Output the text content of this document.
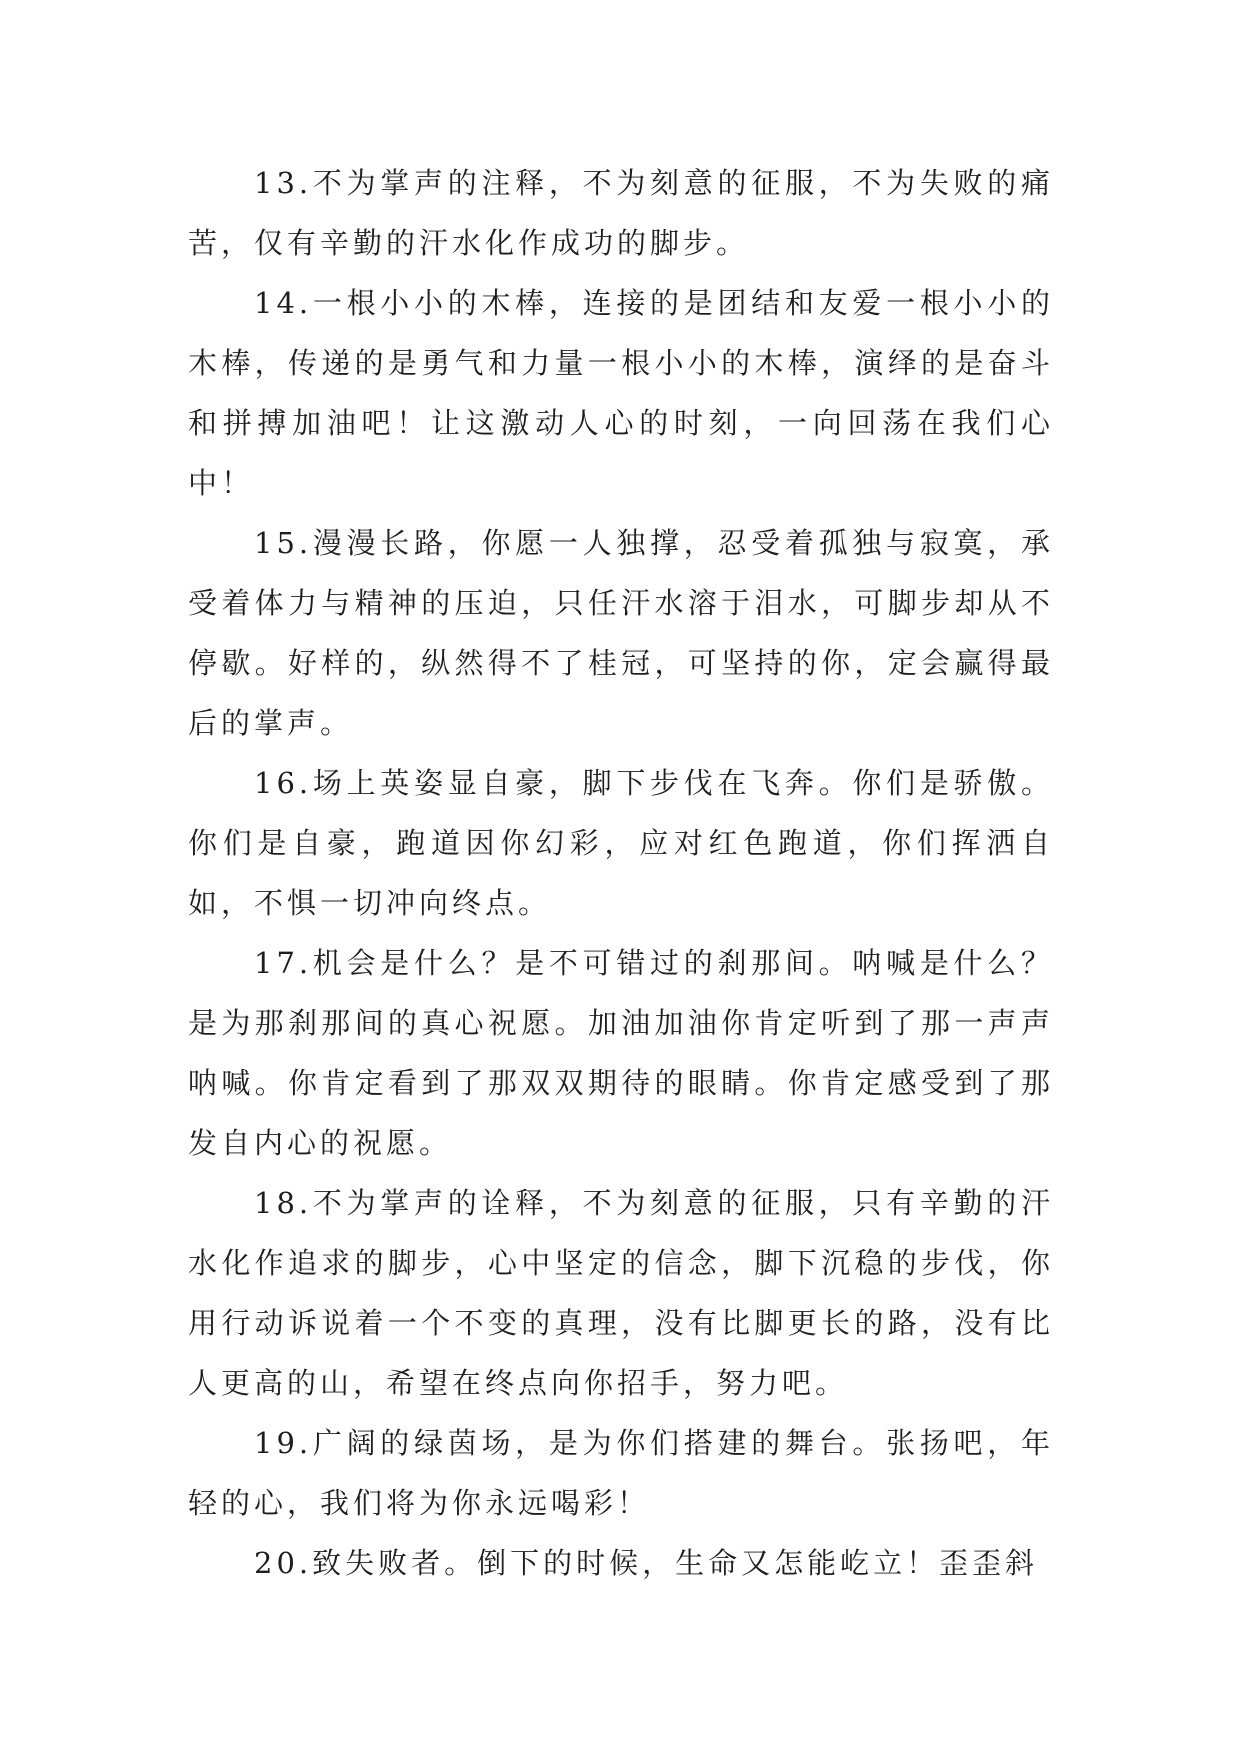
13.不为掌声的注释，不为刻意的征服，不为失败的痛苦，仅有辛勤的汗水化作成功的脚步。

14.一根小小的木棒，连接的是团结和友爱一根小小的木棒，传递的是勇气和力量一根小小的木棒，演绎的是奋斗和拼搏加油吧！让这激动人心的时刻，一向回荡在我们心中！

15.漫漫长路，你愿一人独撑，忍受着孤独与寂寞，承受着体力与精神的压迫，只任汗水溶于泪水，可脚步却从不停歇。好样的，纵然得不了桂冠，可坚持的你，定会赢得最后的掌声。

16.场上英姿显自豪，脚下步伐在飞奔。你们是骄傲。你们是自豪，跑道因你幻彩，应对红色跑道，你们挥洒自如，不惧一切冲向终点。

17.机会是什么？是不可错过的刹那间。呐喊是什么？是为那刹那间的真心祝愿。加油加油你肯定听到了那一声声呐喊。你肯定看到了那双双期待的眼睛。你肯定感受到了那发自内心的祝愿。

18.不为掌声的诠释，不为刻意的征服，只有辛勤的汗水化作追求的脚步，心中坚定的信念，脚下沉稳的步伐，你用行动诉说着一个不变的真理，没有比脚更长的路，没有比人更高的山，希望在终点向你招手，努力吧。

19.广阔的绿茵场，是为你们搭建的舞台。张扬吧，年轻的心，我们将为你永远喝彩！

20.致失败者。倒下的时候，生命又怎能屹立！歪歪斜
